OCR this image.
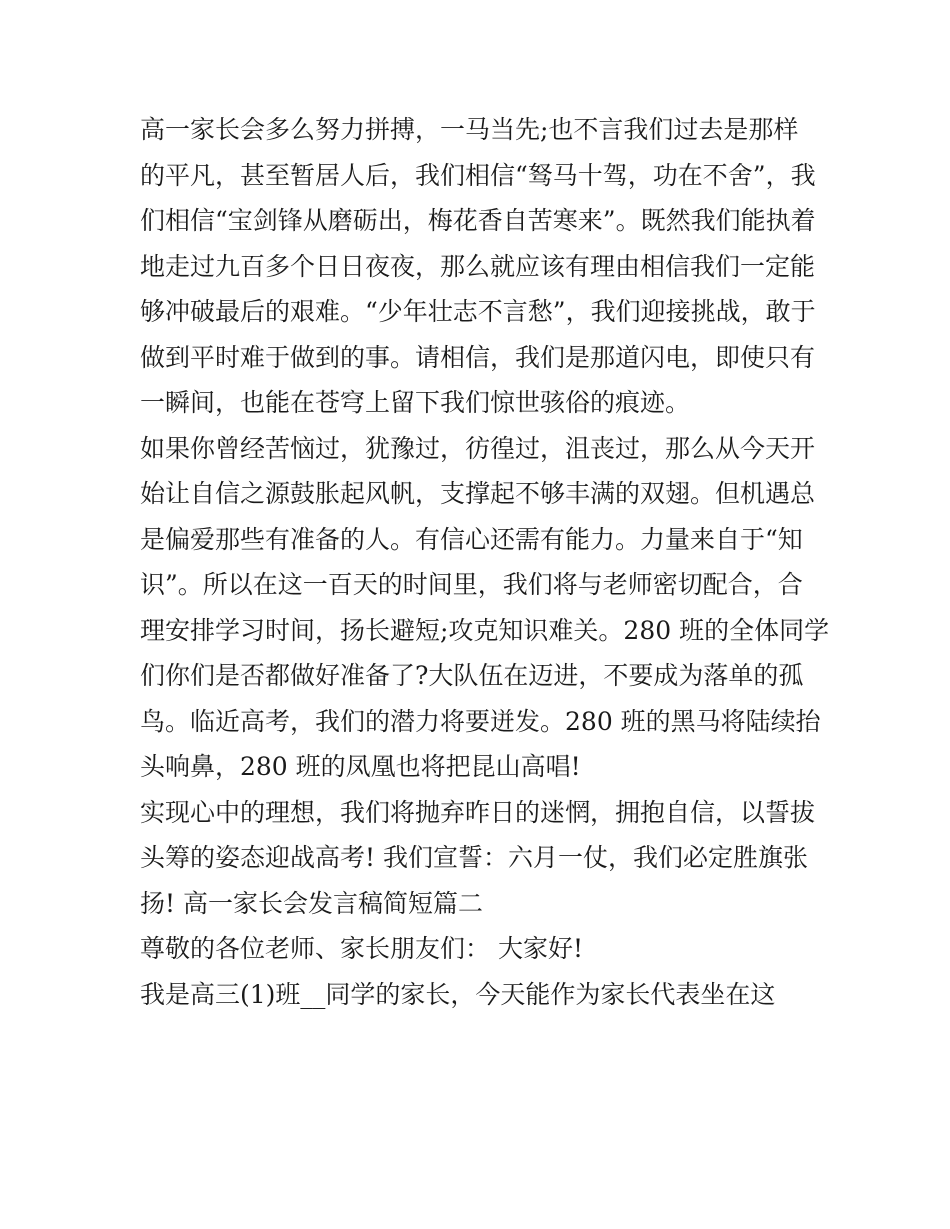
高一家长会多么努力拼搏，一马当先;也不言我们过去是那样
的平凡，甚至暂居人后，我们相信“驽马十驾，功在不舍”，我
们相信“宝剑锋从磨砺出，梅花香自苦寒来”。既然我们能执着
地走过九百多个日日夜夜，那么就应该有理由相信我们一定能
够冲破最后的艰难。“少年壮志不言愁”，我们迎接挑战，敢于
做到平时难于做到的事。请相信，我们是那道闪电，即使只有
一瞬间，也能在苍穹上留下我们惊世骇俗的痕迹。
如果你曾经苦恼过，犹豫过，彷徨过，沮丧过，那么从今天开
始让自信之源鼓胀起风帆，支撑起不够丰满的双翅。但机遇总
是偏爱那些有准备的人。有信心还需有能力。力量来自于“知
识”。所以在这一百天的时间里，我们将与老师密切配合，合
理安排学习时间，扬长避短;攻克知识难关。280 班的全体同学
们你们是否都做好准备了?大队伍在迈进，不要成为落单的孤
鸟。临近高考，我们的潜力将要迸发。280 班的黑马将陆续抬
头响鼻，280 班的凤凰也将把昆山高唱!
实现心中的理想，我们将抛弃昨日的迷惘，拥抱自信，以誓拔
头筹的姿态迎战高考! 我们宣誓：六月一仗，我们必定胜旗张
扬! 高一家长会发言稿简短篇二
尊敬的各位老师、家长朋友们： 大家好!
我是高三(1)班__同学的家长，今天能作为家长代表坐在这
